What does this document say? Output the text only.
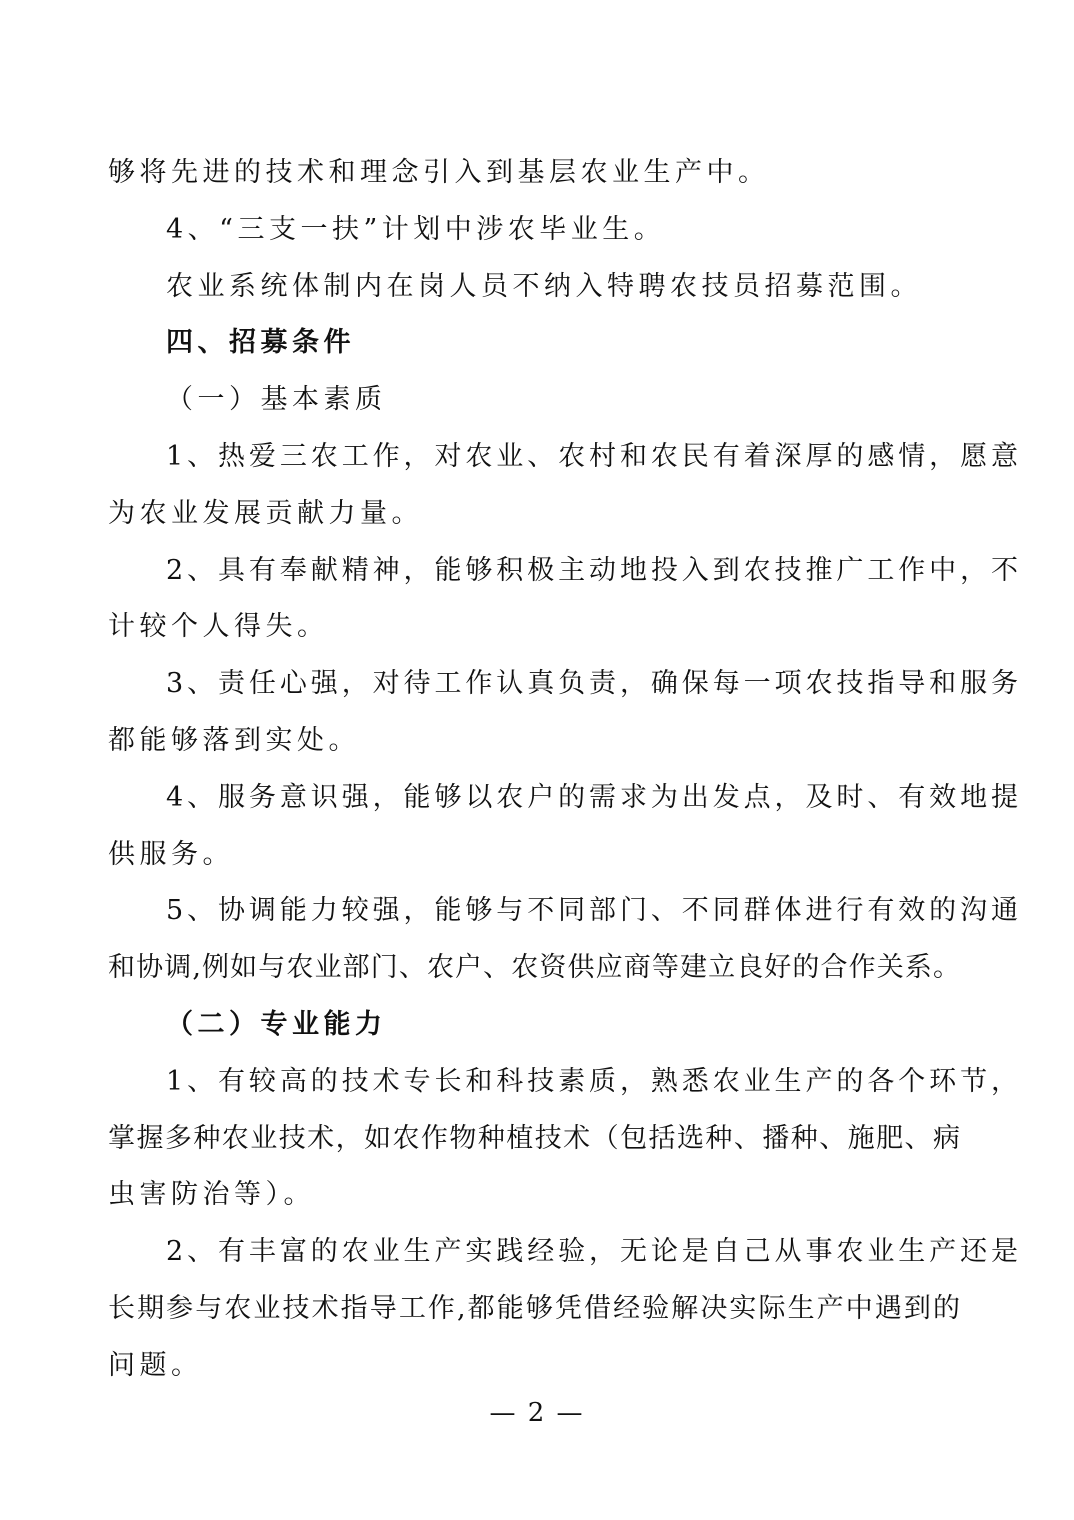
够将先进的技术和理念引入到基层农业生产中。
4、“三支一扶”计划中涉农毕业生。
农业系统体制内在岗人员不纳入特聘农技员招募范围。
四、招募条件
（一）基本素质
1、热爱三农工作，对农业、农村和农民有着深厚的感情，愿意
为农业发展贡献力量。
2、具有奉献精神，能够积极主动地投入到农技推广工作中，不
计较个人得失。
3、责任心强，对待工作认真负责，确保每一项农技指导和服务
都能够落到实处。
4、服务意识强，能够以农户的需求为出发点，及时、有效地提
供服务。
5、协调能力较强，能够与不同部门、不同群体进行有效的沟通
和协调,例如与农业部门、农户、农资供应商等建立良好的合作关系。
（二）专业能力
1、有较高的技术专长和科技素质，熟悉农业生产的各个环节，
掌握多种农业技术，如农作物种植技术（包括选种、播种、施肥、病
虫害防治等）。
2、有丰富的农业生产实践经验，无论是自己从事农业生产还是
长期参与农业技术指导工作,都能够凭借经验解决实际生产中遇到的
问题。
— 2 —
